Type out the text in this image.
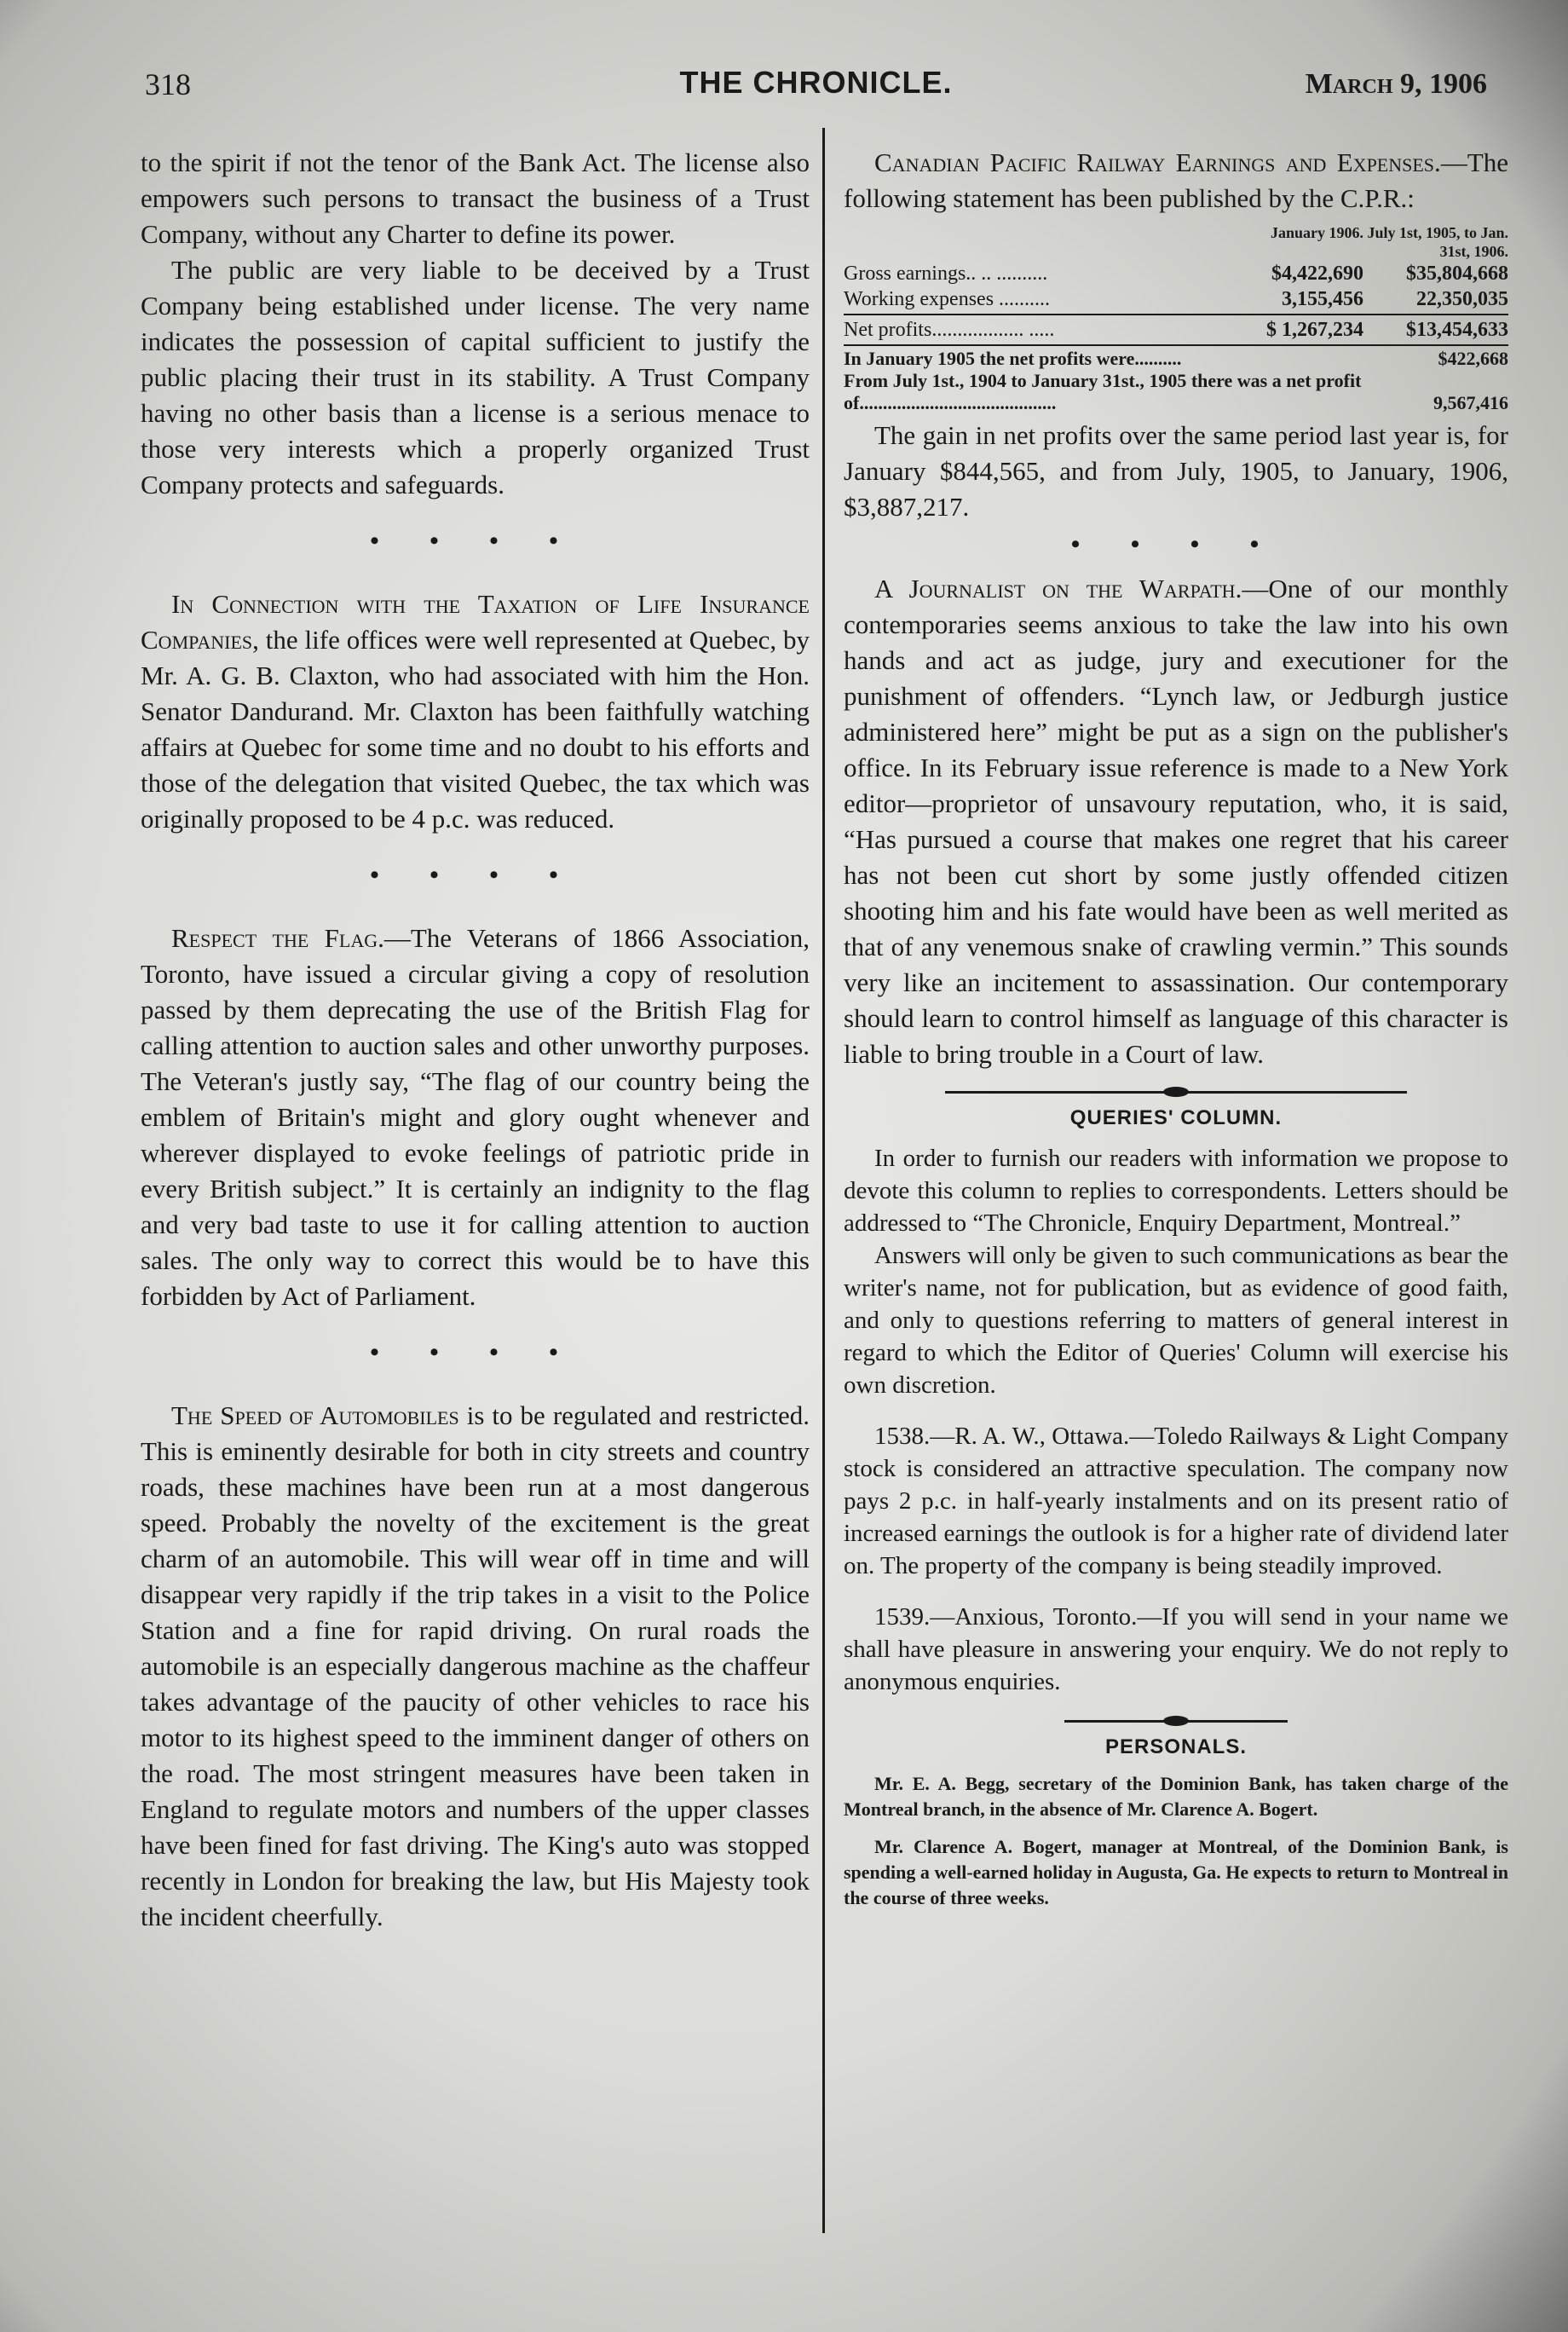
318	THE CHRONICLE.	March 9, 1906

to the spirit if not the tenor of the Bank Act. The license also empowers such persons to transact the business of a Trust Company, without any Charter to define its power.

The public are very liable to be deceived by a Trust Company being established under license. The very name indicates the possession of capital sufficient to justify the public placing their trust in its stability. A Trust Company having no other basis than a license is a serious menace to those very interests which a properly organized Trust Company protects and safeguards.

• • • •

In Connection with the Taxation of Life Insurance Companies, the life offices were well represented at Quebec, by Mr. A. G. B. Claxton, who had associated with him the Hon. Senator Dandurand. Mr. Claxton has been faithfully watching affairs at Quebec for some time and no doubt to his efforts and those of the delegation that visited Quebec, the tax which was originally proposed to be 4 p.c. was reduced.

• • • •

Respect the Flag.—The Veterans of 1866 Association, Toronto, have issued a circular giving a copy of resolution passed by them deprecating the use of the British Flag for calling attention to auction sales and other unworthy purposes. The Veteran's justly say, “The flag of our country being the emblem of Britain's might and glory ought whenever and wherever displayed to evoke feelings of patriotic pride in every British subject.” It is certainly an indignity to the flag and very bad taste to use it for calling attention to auction sales. The only way to correct this would be to have this forbidden by Act of Parliament.

• • • •

The Speed of Automobiles is to be regulated and restricted. This is eminently desirable for both in city streets and country roads, these machines have been run at a most dangerous speed. Probably the novelty of the excitement is the great charm of an automobile. This will wear off in time and will disappear very rapidly if the trip takes in a visit to the Police Station and a fine for rapid driving. On rural roads the automobile is an especially dangerous machine as the chaffeur takes advantage of the paucity of other vehicles to race his motor to its highest speed to the imminent danger of others on the road. The most stringent measures have been taken in England to regulate motors and numbers of the upper classes have been fined for fast driving. The King's auto was stopped recently in London for breaking the law, but His Majesty took the incident cheerfully.

Canadian Pacific Railway Earnings and Expenses.—The following statement has been published by the C.P.R.:

January 1906. July 1st, 1905, to Jan. 31st, 1906.
Gross earnings.. .. ..........	$4,422,690	$35,804,668
Working expenses ..........	3,155,456	22,350,035
Net profits.................. .....	$ 1,267,234	$13,454,633
In January 1905 the net profits were..........	$422,668
From July 1st., 1904 to January 31st., 1905 there was a net profit of..........................................	9,567,416

The gain in net profits over the same period last year is, for January $844,565, and from July, 1905, to January, 1906, $3,887,217.

• • • •

A Journalist on the Warpath.—One of our monthly contemporaries seems anxious to take the law into his own hands and act as judge, jury and executioner for the punishment of offenders. “Lynch law, or Jedburgh justice administered here” might be put as a sign on the publisher's office. In its February issue reference is made to a New York editor—proprietor of unsavoury reputation, who, it is said, “Has pursued a course that makes one regret that his career has not been cut short by some justly offended citizen shooting him and his fate would have been as well merited as that of any venemous snake of crawling vermin.” This sounds very like an incitement to assassination. Our contemporary should learn to control himself as language of this character is liable to bring trouble in a Court of law.

QUERIES' COLUMN.

In order to furnish our readers with information we propose to devote this column to replies to correspondents. Letters should be addressed to “The Chronicle, Enquiry Department, Montreal.”

Answers will only be given to such communications as bear the writer's name, not for publication, but as evidence of good faith, and only to questions referring to matters of general interest in regard to which the Editor of Queries' Column will exercise his own discretion.

1538.—R. A. W., Ottawa.—Toledo Railways & Light Company stock is considered an attractive speculation. The company now pays 2 p.c. in half-yearly instalments and on its present ratio of increased earnings the outlook is for a higher rate of dividend later on. The property of the company is being steadily improved.

1539.—Anxious, Toronto.—If you will send in your name we shall have pleasure in answering your enquiry. We do not reply to anonymous enquiries.

PERSONALS.

Mr. E. A. Begg, secretary of the Dominion Bank, has taken charge of the Montreal branch, in the absence of Mr. Clarence A. Bogert.

Mr. Clarence A. Bogert, manager at Montreal, of the Dominion Bank, is spending a well-earned holiday in Augusta, Ga. He expects to return to Montreal in the course of three weeks.
